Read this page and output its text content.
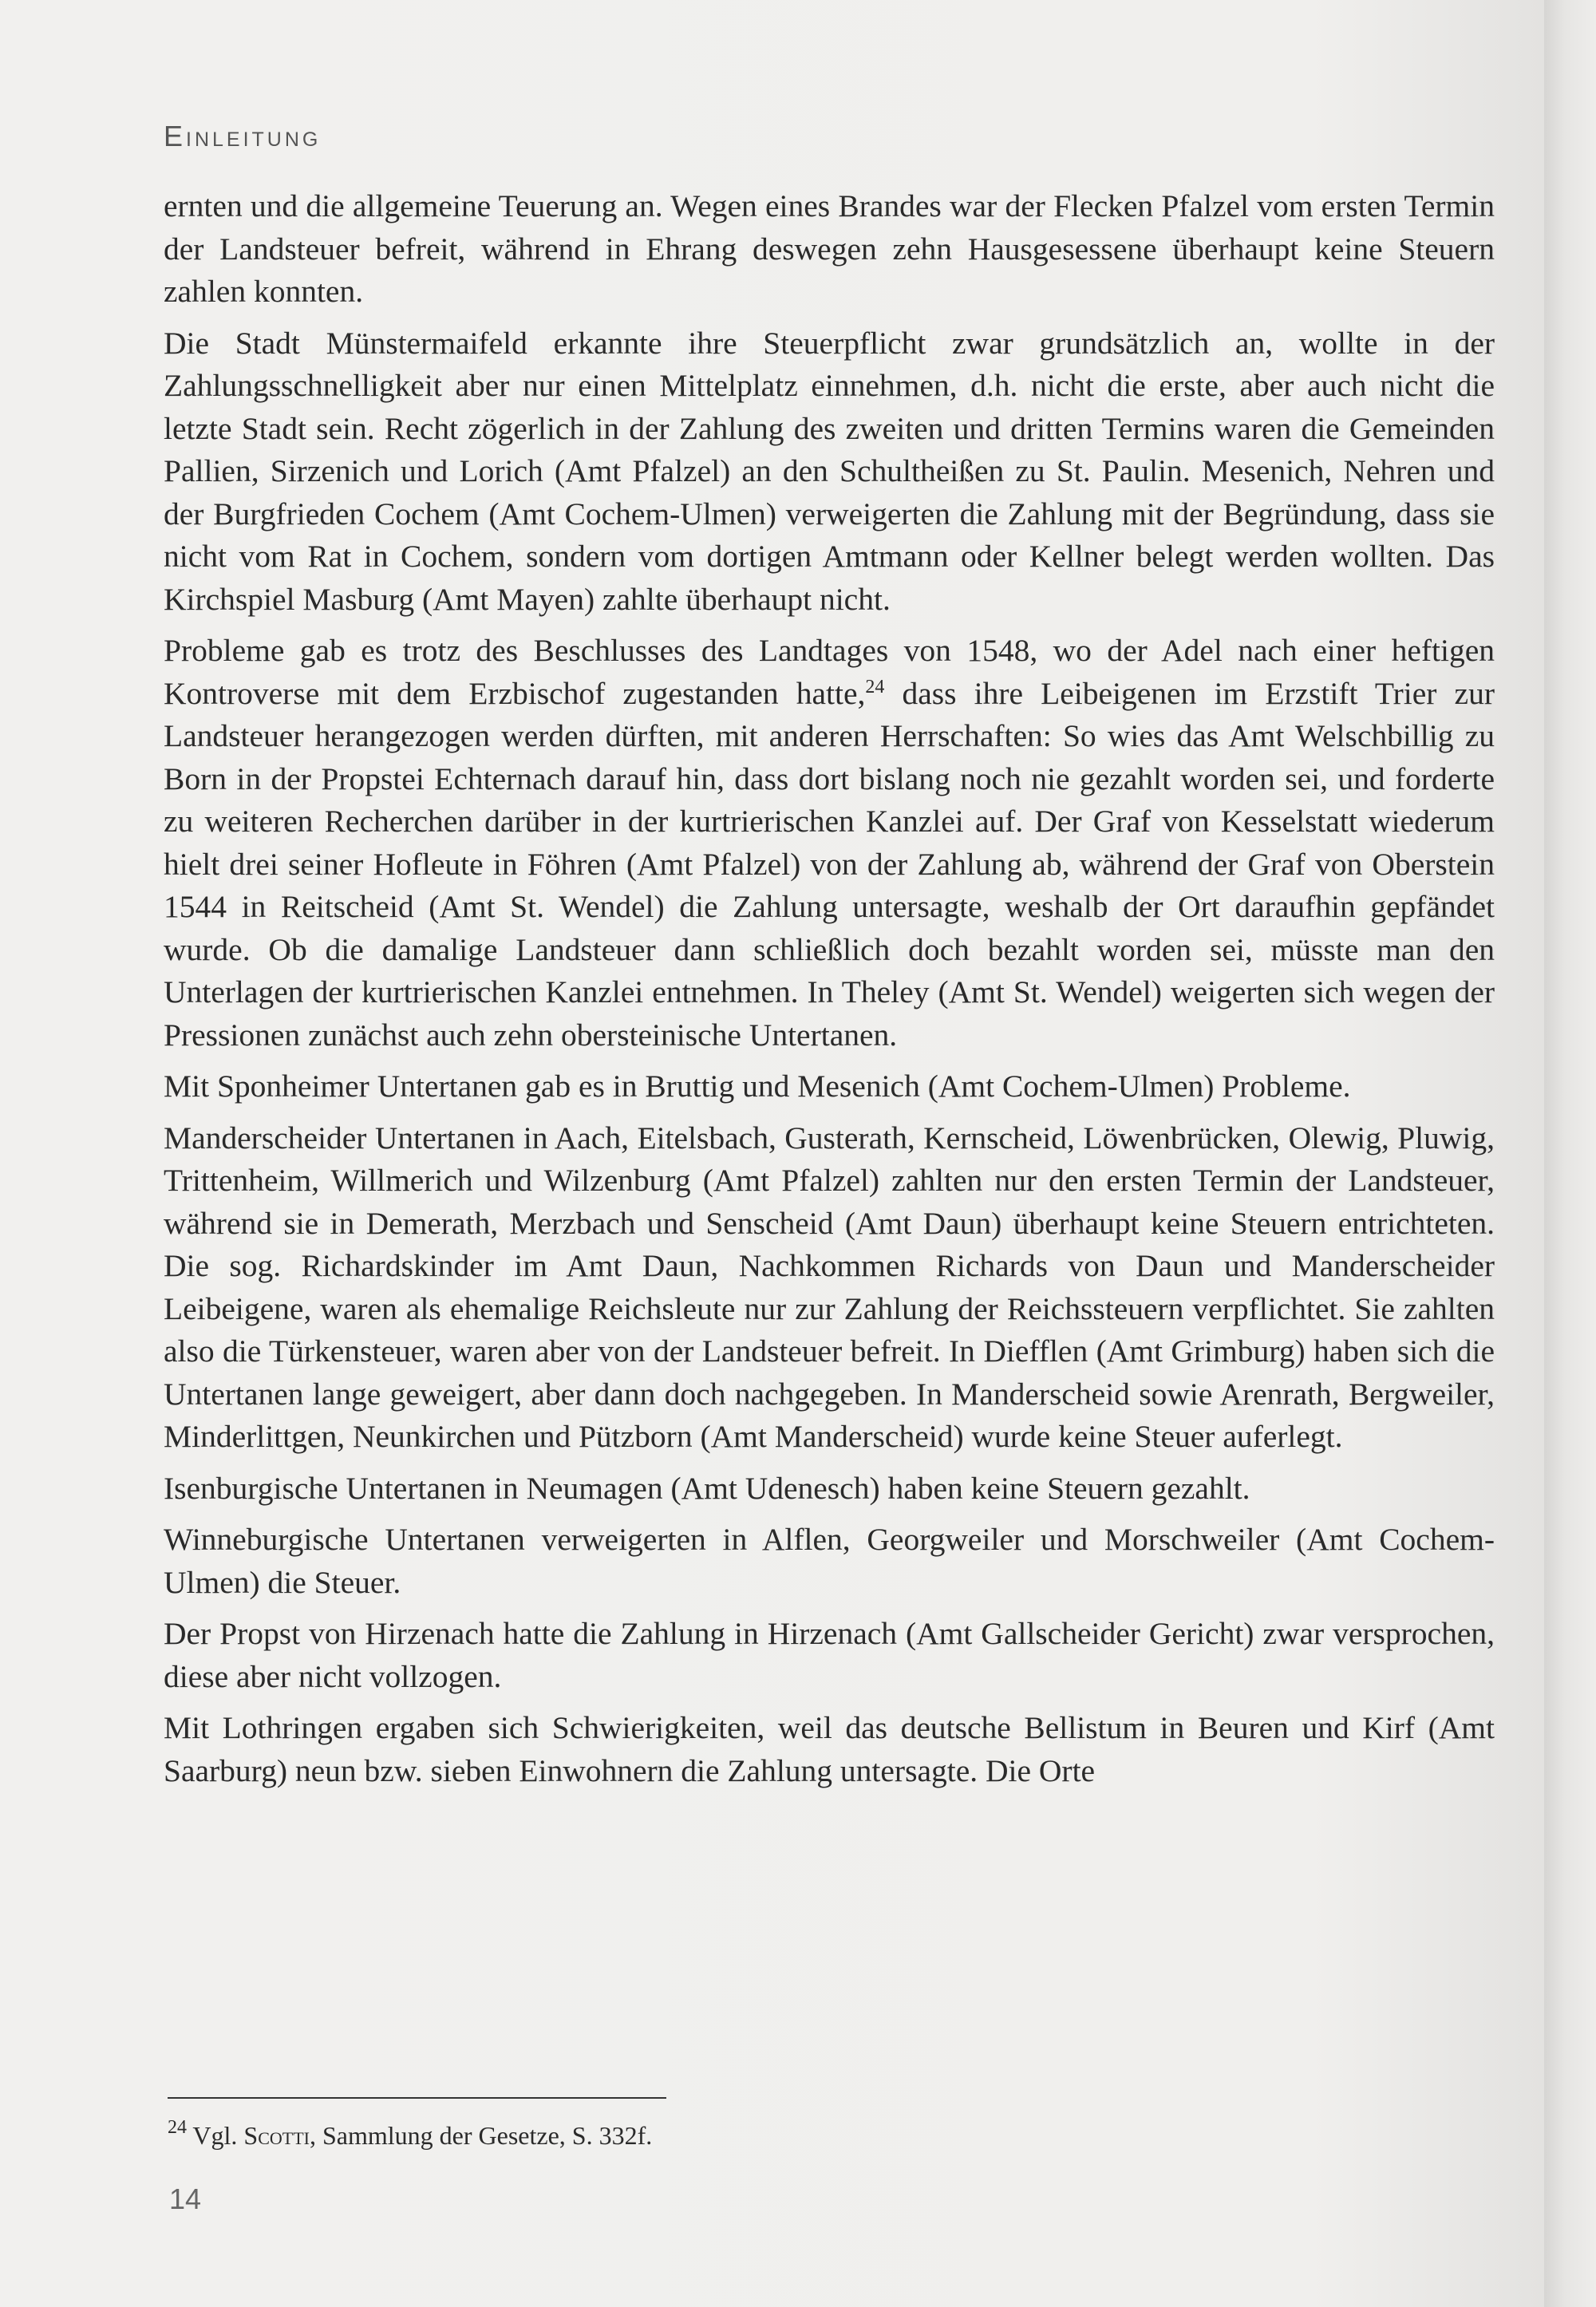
Einleitung

ernten und die allgemeine Teuerung an. Wegen eines Brandes war der Flecken Pfalzel vom ersten Termin der Landsteuer befreit, während in Ehrang deswegen zehn Hausgesessene überhaupt keine Steuern zahlen konnten.

Die Stadt Münstermaifeld erkannte ihre Steuerpflicht zwar grundsätzlich an, wollte in der Zahlungsschnelligkeit aber nur einen Mittelplatz einnehmen, d.h. nicht die erste, aber auch nicht die letzte Stadt sein. Recht zögerlich in der Zahlung des zweiten und dritten Termins waren die Gemeinden Pallien, Sirzenich und Lorich (Amt Pfalzel) an den Schultheißen zu St. Paulin. Mesenich, Nehren und der Burgfrieden Cochem (Amt Cochem-Ulmen) verweigerten die Zahlung mit der Begründung, dass sie nicht vom Rat in Cochem, sondern vom dortigen Amtmann oder Kellner belegt werden wollten. Das Kirchspiel Masburg (Amt Mayen) zahlte überhaupt nicht.

Probleme gab es trotz des Beschlusses des Landtages von 1548, wo der Adel nach einer heftigen Kontroverse mit dem Erzbischof zugestanden hatte,$^{24}$ dass ihre Leibeigenen im Erzstift Trier zur Landsteuer herangezogen werden dürften, mit anderen Herrschaften: So wies das Amt Welschbillig zu Born in der Propstei Echternach darauf hin, dass dort bislang noch nie gezahlt worden sei, und forderte zu weiteren Recherchen darüber in der kurtrierischen Kanzlei auf. Der Graf von Kesselstatt wiederum hielt drei seiner Hofleute in Föhren (Amt Pfalzel) von der Zahlung ab, während der Graf von Oberstein 1544 in Reitscheid (Amt St. Wendel) die Zahlung untersagte, weshalb der Ort daraufhin gepfändet wurde. Ob die damalige Landsteuer dann schließlich doch bezahlt worden sei, müsste man den Unterlagen der kurtrierischen Kanzlei entnehmen. In Theley (Amt St. Wendel) weigerten sich wegen der Pressionen zunächst auch zehn obersteinische Untertanen.

Mit Sponheimer Untertanen gab es in Bruttig und Mesenich (Amt Cochem-Ulmen) Probleme.

Manderscheider Untertanen in Aach, Eitelsbach, Gusterath, Kernscheid, Löwenbrücken, Olewig, Pluwig, Trittenheim, Willmerich und Wilzenburg (Amt Pfalzel) zahlten nur den ersten Termin der Landsteuer, während sie in Demerath, Merzbach und Senscheid (Amt Daun) überhaupt keine Steuern entrichteten. Die sog. Richardskinder im Amt Daun, Nachkommen Richards von Daun und Manderscheider Leibeigene, waren als ehemalige Reichsleute nur zur Zahlung der Reichssteuern verpflichtet. Sie zahlten also die Türkensteuer, waren aber von der Landsteuer befreit. In Diefflen (Amt Grimburg) haben sich die Untertanen lange geweigert, aber dann doch nachgegeben. In Manderscheid sowie Arenrath, Bergweiler, Minderlittgen, Neunkirchen und Pützborn (Amt Manderscheid) wurde keine Steuer auferlegt.

Isenburgische Untertanen in Neumagen (Amt Udenesch) haben keine Steuern gezahlt.

Winneburgische Untertanen verweigerten in Alflen, Georgweiler und Morschweiler (Amt Cochem-Ulmen) die Steuer.

Der Propst von Hirzenach hatte die Zahlung in Hirzenach (Amt Gallscheider Gericht) zwar versprochen, diese aber nicht vollzogen.

Mit Lothringen ergaben sich Schwierigkeiten, weil das deutsche Bellistum in Beuren und Kirf (Amt Saarburg) neun bzw. sieben Einwohnern die Zahlung untersagte. Die Orte

$^{24}$ Vgl. Scotti, Sammlung der Gesetze, S. 332f.
14
